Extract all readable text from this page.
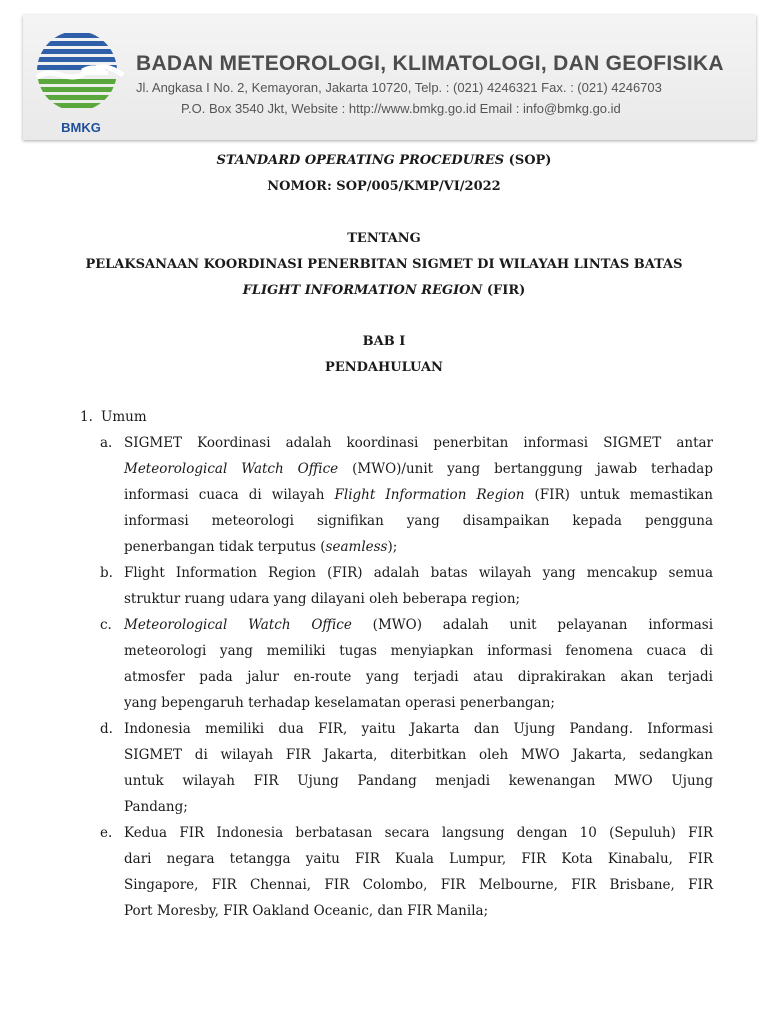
BMKG
BADAN METEOROLOGI, KLIMATOLOGI, DAN GEOFISIKA
Jl. Angkasa I No. 2, Kemayoran, Jakarta 10720, Telp. : (021) 4246321 Fax. : (021) 4246703
P.O. Box 3540 Jkt, Website : http://www.bmkg.go.id Email : info@bmkg.go.id
STANDARD OPERATING PROCEDURES (SOP)
NOMOR: SOP/005/KMP/VI/2022
TENTANG
PELAKSANAAN KOORDINASI PENERBITAN SIGMET DI WILAYAH LINTAS BATAS
FLIGHT INFORMATION REGION (FIR)
BAB I
PENDAHULUAN
1. Umum
a. SIGMET Koordinasi adalah koordinasi penerbitan informasi SIGMET antar
Meteorological Watch Office (MWO)/unit yang bertanggung jawab terhadap
informasi cuaca di wilayah Flight Information Region (FIR) untuk memastikan
informasi meteorologi signifikan yang disampaikan kepada pengguna
penerbangan tidak terputus (seamless);
b. Flight Information Region (FIR) adalah batas wilayah yang mencakup semua
struktur ruang udara yang dilayani oleh beberapa region;
c. Meteorological Watch Office (MWO) adalah unit pelayanan informasi
meteorologi yang memiliki tugas menyiapkan informasi fenomena cuaca di
atmosfer pada jalur en-route yang terjadi atau diprakirakan akan terjadi
yang bepengaruh terhadap keselamatan operasi penerbangan;
d. Indonesia memiliki dua FIR, yaitu Jakarta dan Ujung Pandang. Informasi
SIGMET di wilayah FIR Jakarta, diterbitkan oleh MWO Jakarta, sedangkan
untuk wilayah FIR Ujung Pandang menjadi kewenangan MWO Ujung
Pandang;
e. Kedua FIR Indonesia berbatasan secara langsung dengan 10 (Sepuluh) FIR
dari negara tetangga yaitu FIR Kuala Lumpur, FIR Kota Kinabalu, FIR
Singapore, FIR Chennai, FIR Colombo, FIR Melbourne, FIR Brisbane, FIR
Port Moresby, FIR Oakland Oceanic, dan FIR Manila;
